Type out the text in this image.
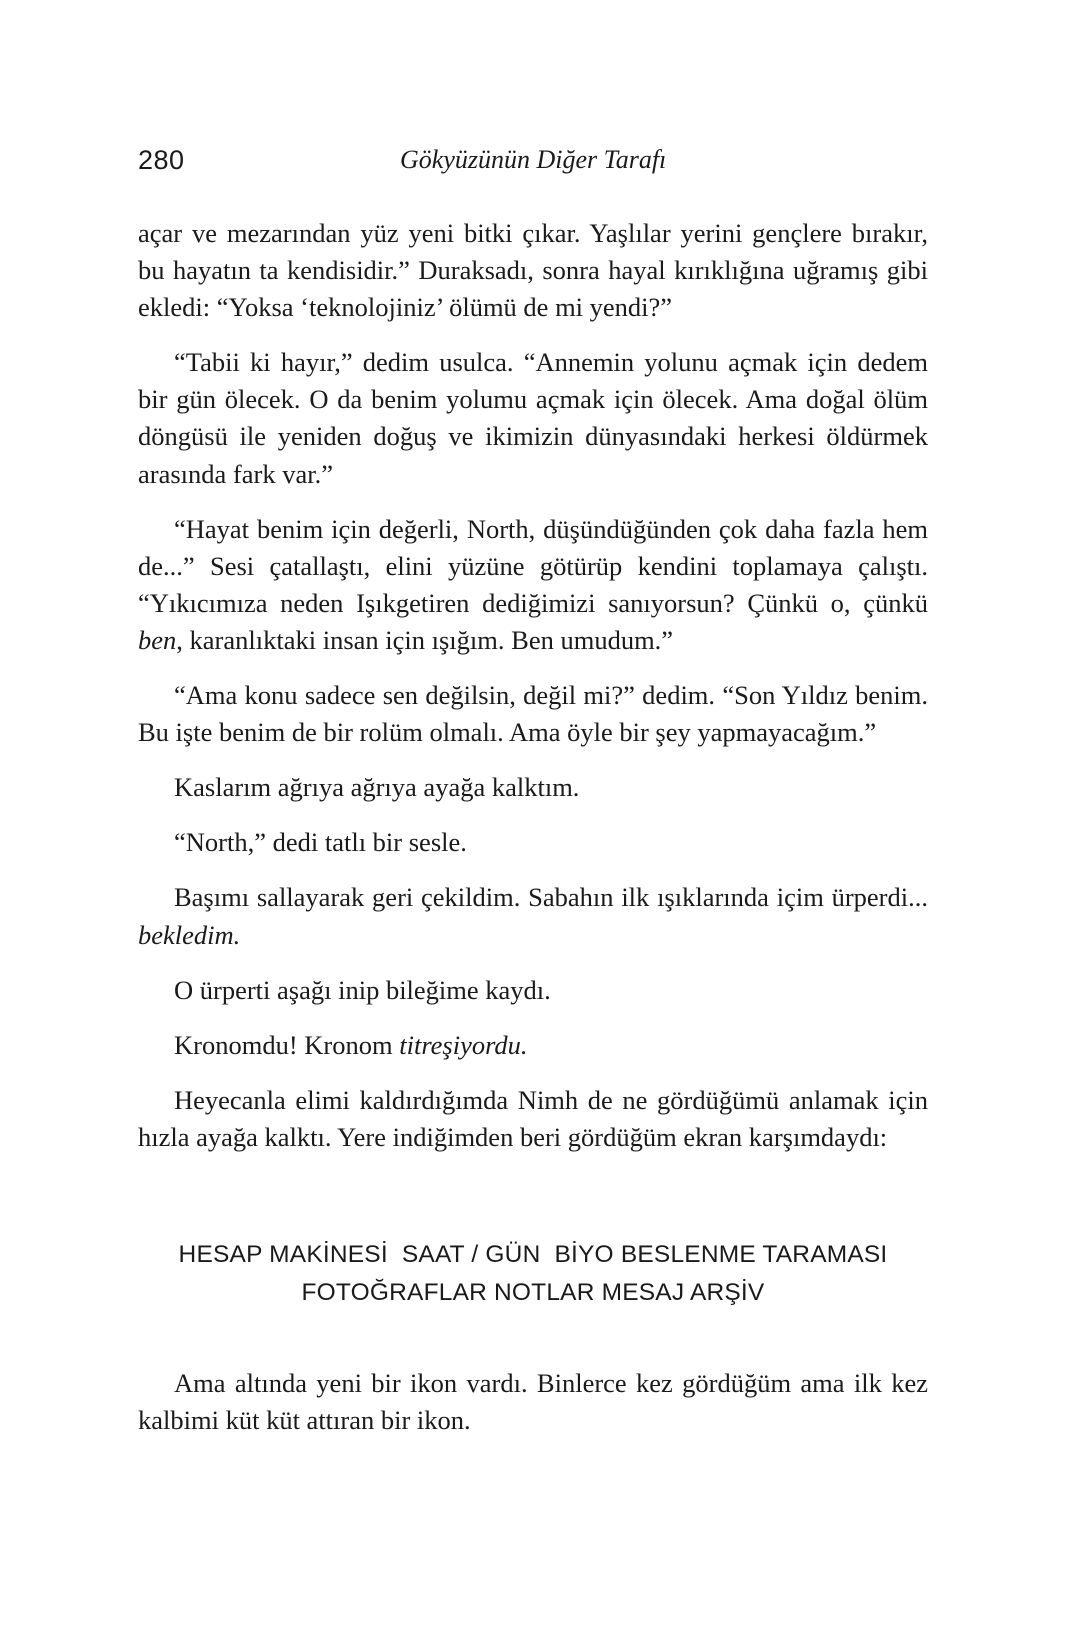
280	Gökyüzünün Diğer Tarafı

açar ve mezarından yüz yeni bitki çıkar. Yaşlılar yerini gençlere bırakır, bu hayatın ta kendisidir.” Duraksadı, sonra hayal kırıklığına uğramış gibi ekledi: “Yoksa ‘teknolojiniz’ ölümü de mi yendi?”

“Tabii ki hayır,” dedim usulca. “Annemin yolunu açmak için dedem bir gün ölecek. O da benim yolumu açmak için ölecek. Ama doğal ölüm döngüsü ile yeniden doğuş ve ikimizin dünyasındaki herkesi öldürmek arasında fark var.”

“Hayat benim için değerli, North, düşündüğünden çok daha fazla hem de...” Sesi çatallaştı, elini yüzüne götürüp kendini toplamaya çalıştı. “Yıkıcımıza neden Işıkgetiren dediğimizi sanıyorsun? Çünkü o, çünkü ben, karanlıktaki insan için ışığım. Ben umudum.”

“Ama konu sadece sen değilsin, değil mi?” dedim. “Son Yıldız benim. Bu işte benim de bir rolüm olmalı. Ama öyle bir şey yapmayacağım.”

Kaslarım ağrıya ağrıya ayağa kalktım.

“North,” dedi tatlı bir sesle.

Başımı sallayarak geri çekildim. Sabahın ilk ışıklarında içim ürperdi... bekledim.

O ürperti aşağı inip bileğime kaydı.

Kronomdu! Kronom titreşiyordu.

Heyecanla elimi kaldırdığımda Nimh de ne gördüğümü anlamak için hızla ayağa kalktı. Yere indiğimden beri gördüğüm ekran karşımdaydı:

HESAP MAKİNESİ  SAAT / GÜN  BİYO BESLENME TARAMASI
FOTOĞRAFLAR NOTLAR MESAJ ARŞİV

Ama altında yeni bir ikon vardı. Binlerce kez gördüğüm ama ilk kez kalbimi küt küt attıran bir ikon.
